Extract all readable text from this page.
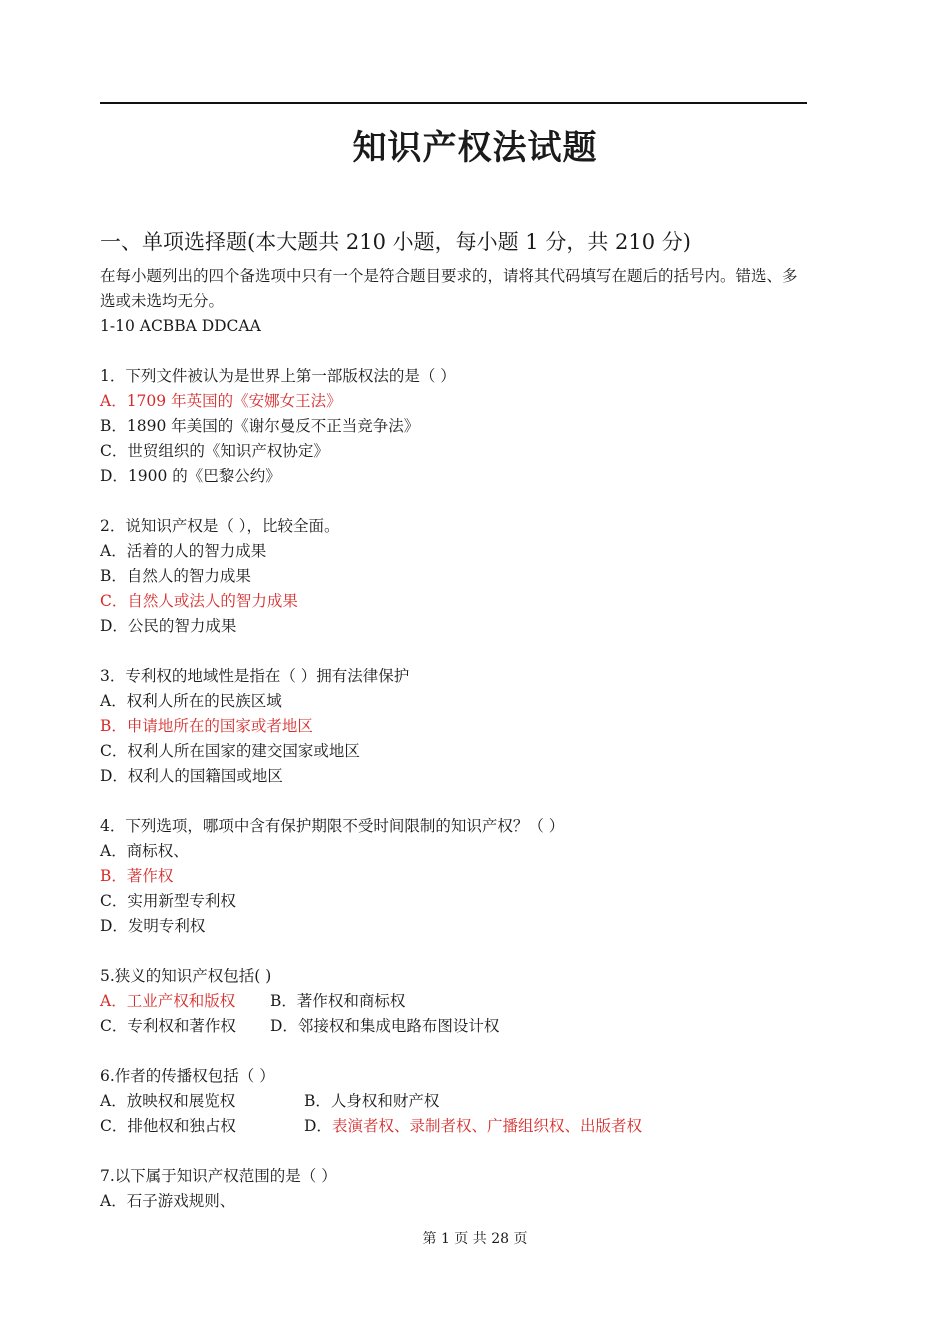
知识产权法试题
一、单项选择题(本大题共 210 小题，每小题 1 分，共 210 分)

在每小题列出的四个备选项中只有一个是符合题目要求的，请将其代码填写在题后的括号内。错选、多选或未选均无分。

1-10 ACBBA DDCAA

1．下列文件被认为是世界上第一部版权法的是（ ）

A．1709 年英国的《安娜女王法》

B．1890 年美国的《谢尔曼反不正当竞争法》

C．世贸组织的《知识产权协定》

D．1900 的《巴黎公约》

2．说知识产权是（ ），比较全面。

A．活着的人的智力成果

B．自然人的智力成果

C．自然人或法人的智力成果

D．公民的智力成果

3．专利权的地域性是指在（ ）拥有法律保护

A．权利人所在的民族区域

B．申请地所在的国家或者地区

C．权利人所在国家的建交国家或地区

D．权利人的国籍国或地区

4．下列选项，哪项中含有保护期限不受时间限制的知识产权？（ ）

A．商标权、

B．著作权

C．实用新型专利权

D．发明专利权

5.狭义的知识产权包括( )

A．工业产权和版权	B．著作权和商标权
C．专利权和著作权	D．邻接权和集成电路布图设计权

6.作者的传播权包括（ ）

A．放映权和展览权	B．人身权和财产权
C．排他权和独占权	D．表演者权、录制者权、广播组织权、出版者权

7.以下属于知识产权范围的是（ ）

A．石子游戏规则、

第 1 页 共 28 页
